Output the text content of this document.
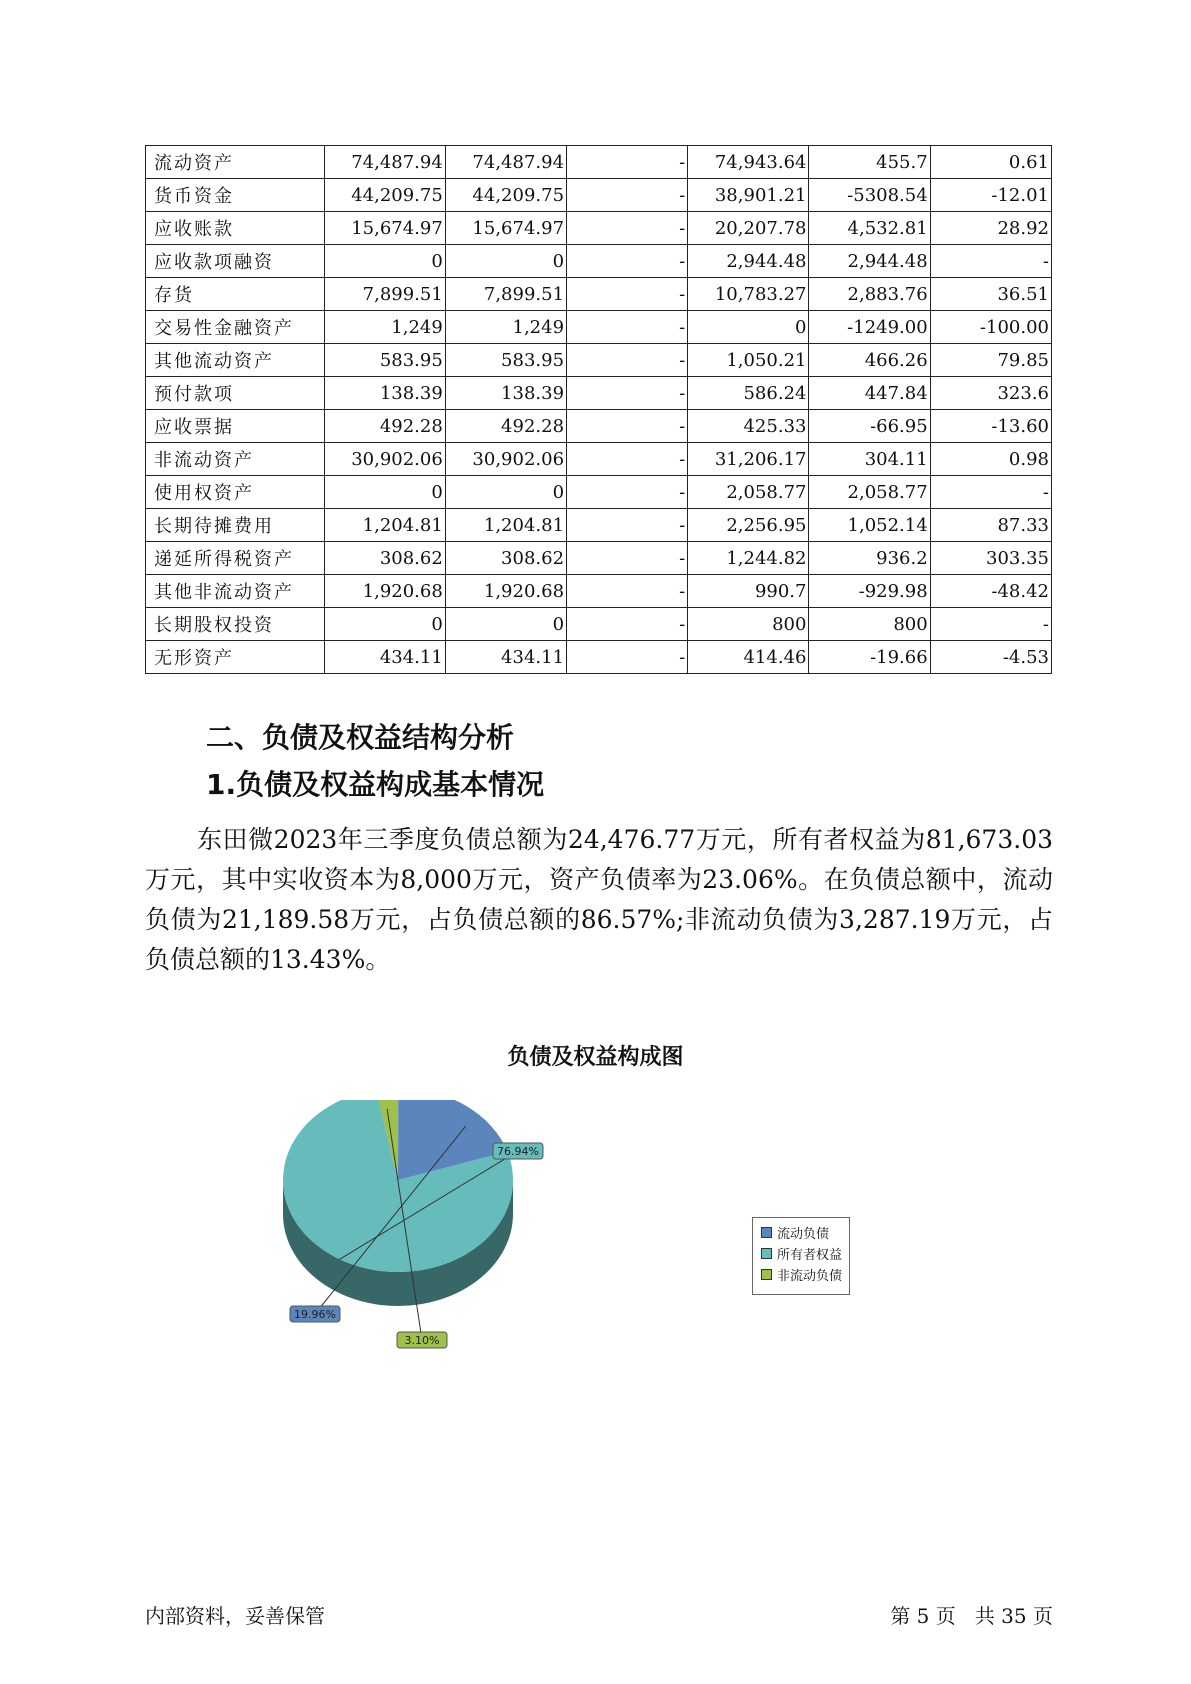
流动资产	74,487.94	74,487.94	-	74,943.64	455.7	0.61
货币资金	44,209.75	44,209.75	-	38,901.21	-5308.54	-12.01
应收账款	15,674.97	15,674.97	-	20,207.78	4,532.81	28.92
应收款项融资	0	0	-	2,944.48	2,944.48	-
存货	7,899.51	7,899.51	-	10,783.27	2,883.76	36.51
交易性金融资产	1,249	1,249	-	0	-1249.00	-100.00
其他流动资产	583.95	583.95	-	1,050.21	466.26	79.85
预付款项	138.39	138.39	-	586.24	447.84	323.6
应收票据	492.28	492.28	-	425.33	-66.95	-13.60
非流动资产	30,902.06	30,902.06	-	31,206.17	304.11	0.98
使用权资产	0	0	-	2,058.77	2,058.77	-
长期待摊费用	1,204.81	1,204.81	-	2,256.95	1,052.14	87.33
递延所得税资产	308.62	308.62	-	1,244.82	936.2	303.35
其他非流动资产	1,920.68	1,920.68	-	990.7	-929.98	-48.42
长期股权投资	0	0	-	800	800	-
无形资产	434.11	434.11	-	414.46	-19.66	-4.53

二、负债及权益结构分析

1.负债及权益构成基本情况

东田微2023年三季度负债总额为24,476.77万元，所有者权益为81,673.03万元，其中实收资本为8,000万元，资产负债率为23.06%。在负债总额中，流动负债为21,189.58万元，占负债总额的86.57%;非流动负债为3,287.19万元，占负债总额的13.43%。

负债及权益构成图

76.94%
3.10%
19.96%
流动负债
所有者权益
非流动负债

内部资料，妥善保管	第 5 页   共 35 页
